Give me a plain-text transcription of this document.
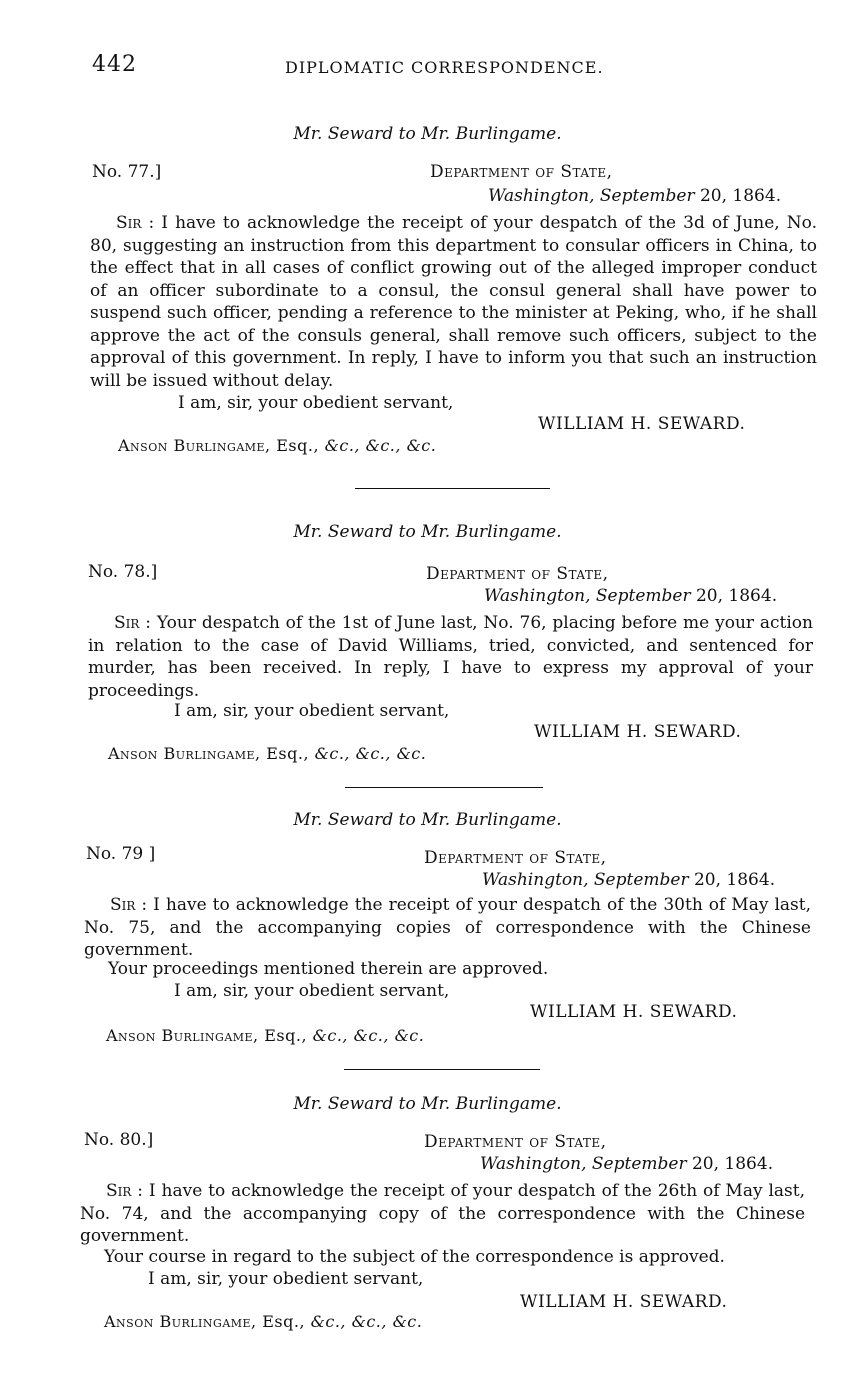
442	DIPLOMATIC CORRESPONDENCE.
Mr. Seward to Mr. Burlingame.
No. 77.]	Department of State,
Washington, September 20, 1864.

Sir : I have to acknowledge the receipt of your despatch of the 3d of June, No. 80, suggesting an instruction from this department to consular officers in China, to the effect that in all cases of conflict growing out of the alleged improper conduct of an officer subordinate to a consul, the consul general shall have power to suspend such officer, pending a reference to the minister at Peking, who, if he shall approve the act of the consuls general, shall remove such officers, subject to the approval of this government. In reply, I have to inform you that such an instruction will be issued without delay.

I am, sir, your obedient servant,
WILLIAM H. SEWARD.
Anson Burlingame, Esq., &c., &c., &c.
Mr. Seward to Mr. Burlingame.
No. 78.]	Department of State,
Washington, September 20, 1864.

Sir : Your despatch of the 1st of June last, No. 76, placing before me your action in relation to the case of David Williams, tried, convicted, and sentenced for murder, has been received. In reply, I have to express my approval of your proceedings.

I am, sir, your obedient servant,
WILLIAM H. SEWARD.
Anson Burlingame, Esq., &c., &c., &c.
Mr. Seward to Mr. Burlingame.
No. 79 ]	Department of State,
Washington, September 20, 1864.

Sir : I have to acknowledge the receipt of your despatch of the 30th of May last, No. 75, and the accompanying copies of correspondence with the Chinese government.

Your proceedings mentioned therein are approved.
I am, sir, your obedient servant,
WILLIAM H. SEWARD.
Anson Burlingame, Esq., &c., &c., &c.
Mr. Seward to Mr. Burlingame.
No. 80.]	Department of State,
Washington, September 20, 1864.

Sir : I have to acknowledge the receipt of your despatch of the 26th of May last, No. 74, and the accompanying copy of the correspondence with the Chinese government.

Your course in regard to the subject of the correspondence is approved.
I am, sir, your obedient servant,
WILLIAM H. SEWARD.
Anson Burlingame, Esq., &c., &c., &c.
